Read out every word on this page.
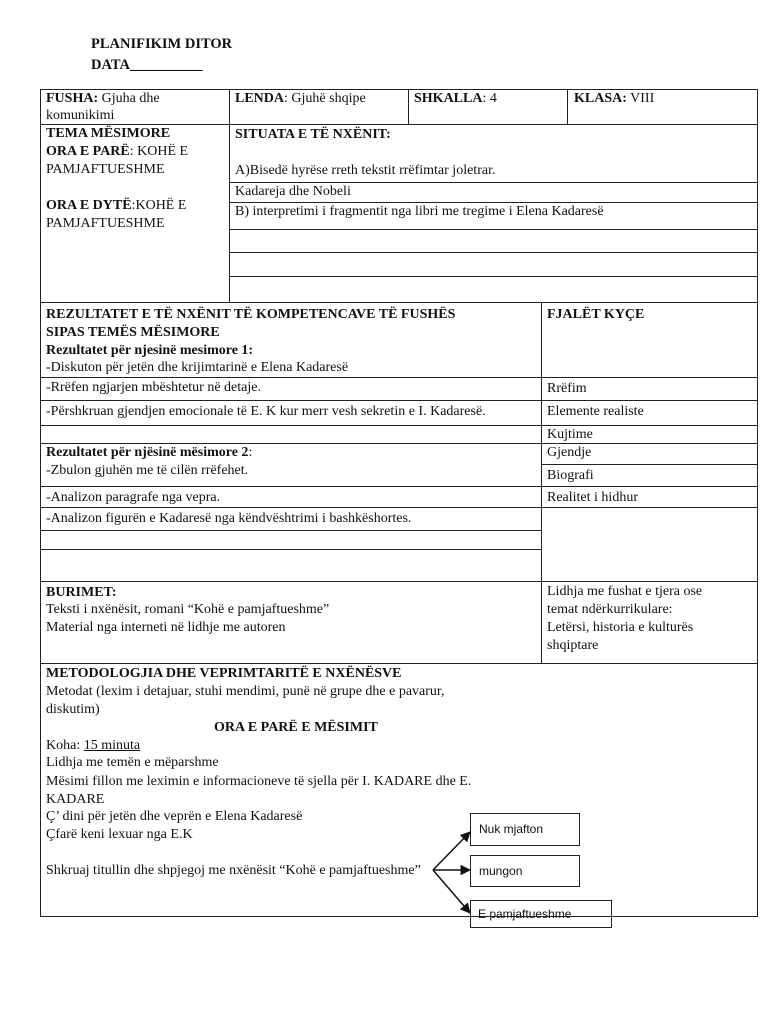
PLANIFIKIM DITOR
DATA__________
FUSHA: Gjuha dhe
komunikimi
LENDA: Gjuhë shqipe	SHKALLA: 4	KLASA: VIII
TEMA MËSIMORE
ORA E PARË: KOHË E
PAMJAFTUESHME
ORA E DYTË:KOHË E
PAMJAFTUESHME
SITUATA E TË NXËNIT:
A)Bisedë hyrëse rreth tekstit rrëfimtar joletrar.
Kadareja dhe Nobeli
B) interpretimi i fragmentit nga libri me tregime i Elena Kadaresë
REZULTATET E TË NXËNIT TË KOMPETENCAVE TË FUSHËS
SIPAS TEMËS MËSIMORE
Rezultatet për njesinë mesimore 1:
-Diskuton për jetën dhe krijimtarinë e Elena Kadaresë
-Rrëfen ngjarjen mbështetur në detaje.
-Përshkruan gjendjen emocionale të E. K kur merr vesh sekretin e I. Kadaresë.
Rezultatet për njësinë mësimore 2:
-Zbulon gjuhën me të cilën rrëfehet.
-Analizon paragrafe nga vepra.
-Analizon figurën e Kadaresë nga këndvështrimi i bashkëshortes.
FJALËT KYÇE
Rrëfim
Elemente realiste
Kujtime
Gjendje
Biografi
Realitet i hidhur
BURIMET:
Teksti i nxënësit, romani “Kohë e pamjaftueshme”
Material nga interneti në lidhje me autoren
Lidhja me fushat e tjera ose
temat ndërkurrikulare:
Letërsi, historia e kulturës
shqiptare
METODOLOGJIA DHE VEPRIMTARITË E NXËNËSVE
Metodat (lexim i detajuar, stuhi mendimi, punë në grupe dhe e pavarur,
diskutim)
ORA E PARË E MËSIMIT
Koha: 15 minuta
Lidhja me temën e mëparshme
Mësimi fillon me leximin e informacioneve të sjella për I. KADARE dhe E.
KADARE
Ç’ dini për jetën dhe veprën e Elena Kadaresë
Çfarë keni lexuar nga E.K
Shkruaj titullin dhe shpjegoj me nxënësit “Kohë e pamjaftueshme”
Nuk mjafton
mungon
E pamjaftueshme
